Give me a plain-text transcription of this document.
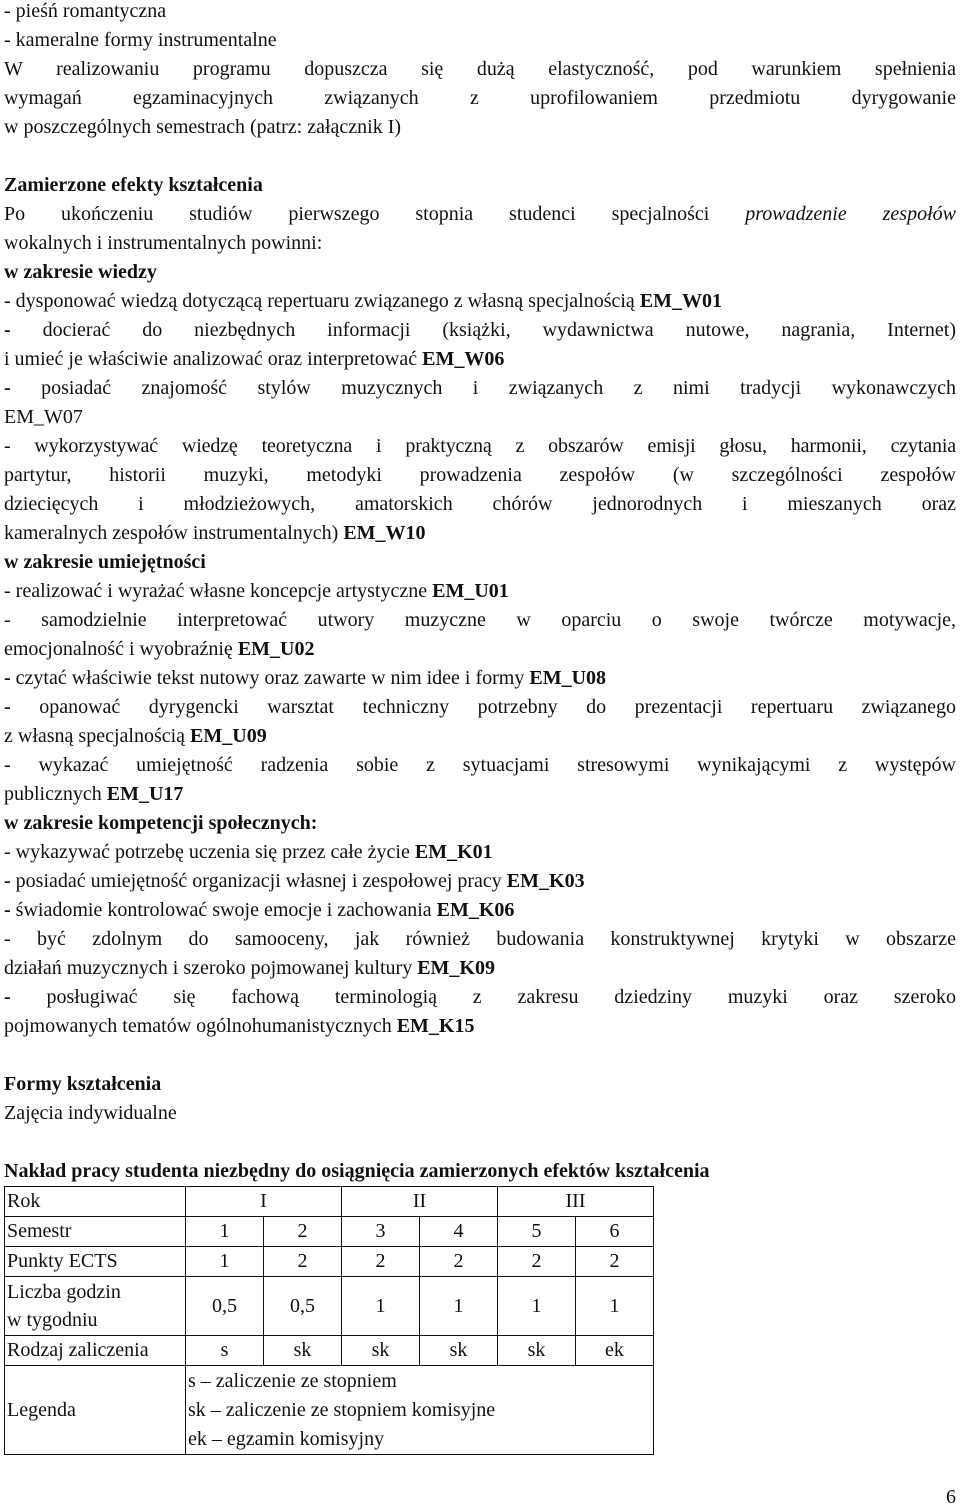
- pieśń romantyczna
- kameralne formy instrumentalne
W realizowaniu programu dopuszcza się dużą elastyczność, pod warunkiem spełnienia
wymagań egzaminacyjnych związanych z uprofilowaniem przedmiotu dyrygowanie
w poszczególnych semestrach (patrz: załącznik I)
Zamierzone efekty kształcenia
Po ukończeniu studiów pierwszego stopnia studenci specjalności prowadzenie zespołów
wokalnych i instrumentalnych powinni:
w zakresie wiedzy
- dysponować wiedzą dotyczącą repertuaru związanego z własną specjalnością EM_W01
- docierać do niezbędnych informacji (książki, wydawnictwa nutowe, nagrania, Internet)
i umieć je właściwie analizować oraz interpretować EM_W06
- posiadać znajomość stylów muzycznych i związanych z nimi tradycji wykonawczych
EM_W07
- wykorzystywać wiedzę teoretyczna i praktyczną z obszarów emisji głosu, harmonii, czytania
partytur, historii muzyki, metodyki prowadzenia zespołów (w szczególności zespołów
dziecięcych i młodzieżowych, amatorskich chórów jednorodnych i mieszanych oraz
kameralnych zespołów instrumentalnych) EM_W10
w zakresie umiejętności
- realizować i wyrażać własne koncepcje artystyczne EM_U01
- samodzielnie interpretować utwory muzyczne w oparciu o swoje twórcze motywacje,
emocjonalność i wyobraźnię EM_U02
- czytać właściwie tekst nutowy oraz zawarte w nim idee i formy EM_U08
- opanować dyrygencki warsztat techniczny potrzebny do prezentacji repertuaru związanego
z własną specjalnością EM_U09
- wykazać umiejętność radzenia sobie z sytuacjami stresowymi wynikającymi z występów
publicznych EM_U17
w zakresie kompetencji społecznych:
- wykazywać potrzebę uczenia się przez całe życie EM_K01
- posiadać umiejętność organizacji własnej i zespołowej pracy EM_K03
- świadomie kontrolować swoje emocje i zachowania EM_K06
- być zdolnym do samooceny, jak również budowania konstruktywnej krytyki w obszarze
działań muzycznych i szeroko pojmowanej kultury EM_K09
- posługiwać się fachową terminologią z zakresu dziedziny muzyki oraz szeroko
pojmowanych tematów ogólnohumanistycznych EM_K15
Formy kształcenia
Zajęcia indywidualne
Nakład pracy studenta niezbędny do osiągnięcia zamierzonych efektów kształcenia
Rok	I		II		III	
Semestr	1	2	3	4	5	6
Punkty ECTS	1	2	2	2	2	2
Liczba godzin
w tygodniu	0,5	0,5	1	1	1	1
Rodzaj zaliczenia	s	sk	sk	sk	sk	ek
Legenda	s – zaliczenie ze stopniem
sk – zaliczenie ze stopniem komisyjne
ek – egzamin komisyjny					
6
